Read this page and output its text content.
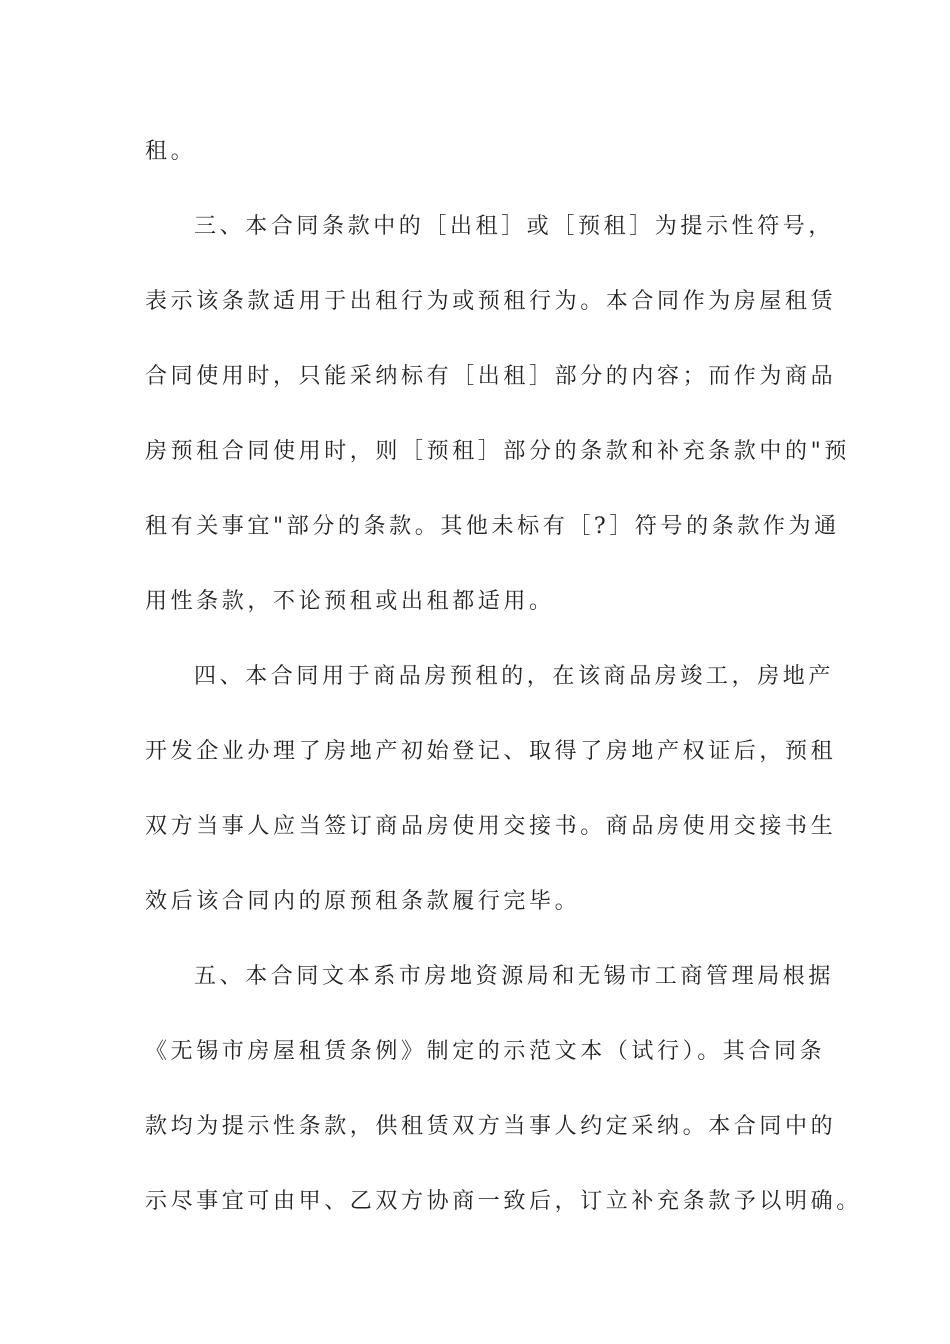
租。
三、本合同条款中的［出租］或［预租］为提示性符号，
表示该条款适用于出租行为或预租行为。本合同作为房屋租赁
合同使用时，只能采纳标有［出租］部分的内容；而作为商品
房预租合同使用时，则［预租］部分的条款和补充条款中的"预
租有关事宜"部分的条款。其他未标有［?］符号的条款作为通
用性条款，不论预租或出租都适用。
四、本合同用于商品房预租的，在该商品房竣工，房地产
开发企业办理了房地产初始登记、取得了房地产权证后，预租
双方当事人应当签订商品房使用交接书。商品房使用交接书生
效后该合同内的原预租条款履行完毕。
五、本合同文本系市房地资源局和无锡市工商管理局根据
《无锡市房屋租赁条例》制定的示范文本（试行）。其合同条
款均为提示性条款，供租赁双方当事人约定采纳。本合同中的
示尽事宜可由甲、乙双方协商一致后，订立补充条款予以明确。
